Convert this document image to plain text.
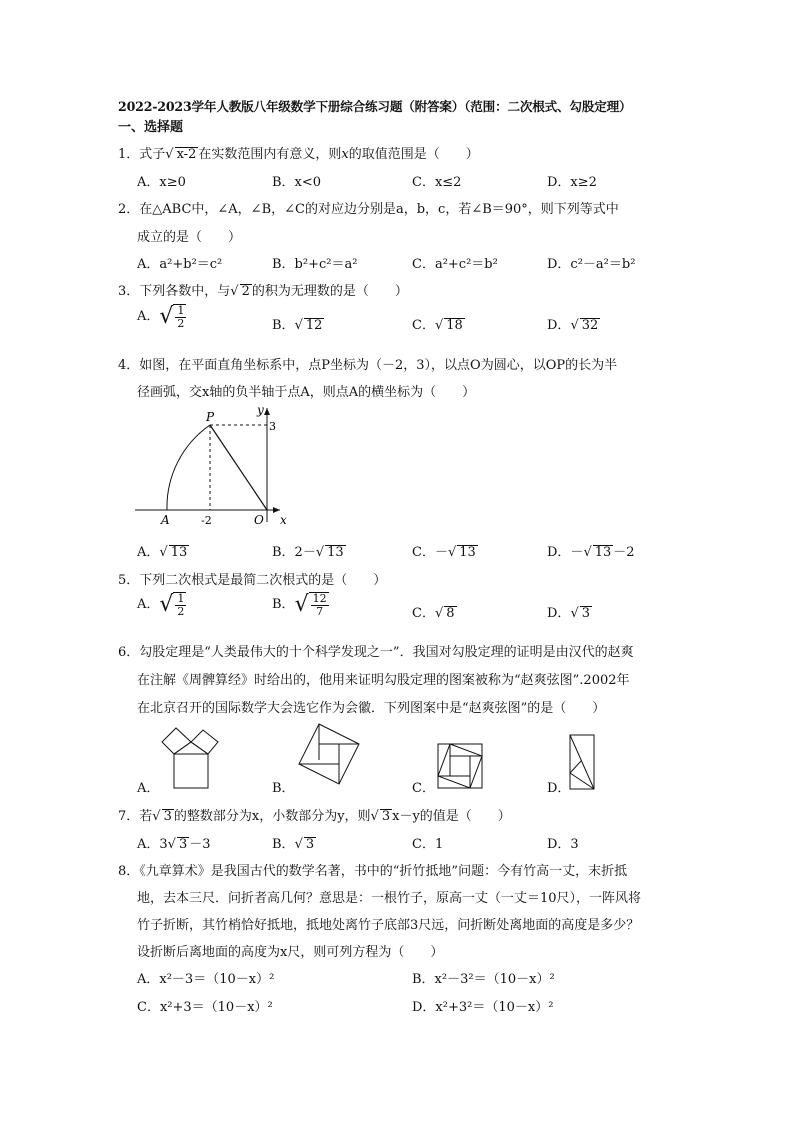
2022-2023学年人教版八年级数学下册综合练习题（附答案）（范围：二次根式、勾股定理）
一、选择题
1．式子√ x-2 在实数范围内有意义，则x的取值范围是（　　）
A．x≥0	B．x<0	C．x≤2	D．x≥2
2．在△ABC中，∠A，∠B，∠C的对应边分别是a，b，c，若∠B＝90°，则下列等式中
成立的是（　　）
A．a²+b²＝c²	B．b²+c²＝a²	C．a²+c²＝b²	D．c²－a²＝b²
3．下列各数中，与√ 2 的积为无理数的是（　　）
A．√ $\frac{1}{2}$	B．√ 12	C．√ 18	D．√ 32
4．如图，在平面直角坐标系中，点P坐标为（－2，3），以点O为圆心，以OP的长为半
径画弧，交x轴的负半轴于点A，则点A的横坐标为（　　）
P	y
3
A	-2	O x
A．√ 13	B．2－√ 13	C．－√ 13	D．－√ 13 －2
5．下列二次根式是最简二次根式的是（　　）
A．√ $\frac{1}{2}$	B．√ $\frac{12}{7}$	C．√ 8	D．√ 3
6．勾股定理是“人类最伟大的十个科学发现之一”．我国对勾股定理的证明是由汉代的赵爽
在注解《周髀算经》时给出的，他用来证明勾股定理的图案被称为“赵爽弦图”.2002年
在北京召开的国际数学大会选它作为会徽．下列图案中是“赵爽弦图”的是（　　）
A．	B．	C．	D．
7．若√ 3 的整数部分为x，小数部分为y，则√ 3 x－y的值是（　　）
A．3√ 3 －3	B．√ 3	C．1	D．3
8．《九章算术》是我国古代的数学名著，书中的“折竹抵地”问题：今有竹高一丈，末折抵
地，去本三尺．问折者高几何？意思是：一根竹子，原高一丈（一丈＝10尺），一阵风将
竹子折断，其竹梢恰好抵地，抵地处离竹子底部3尺远，问折断处离地面的高度是多少？
设折断后离地面的高度为x尺，则可列方程为（　　）
A．x²－3＝（10－x）²	B．x²－3²＝（10－x）²
C．x²+3＝（10－x）²	D．x²+3²＝（10－x）²
